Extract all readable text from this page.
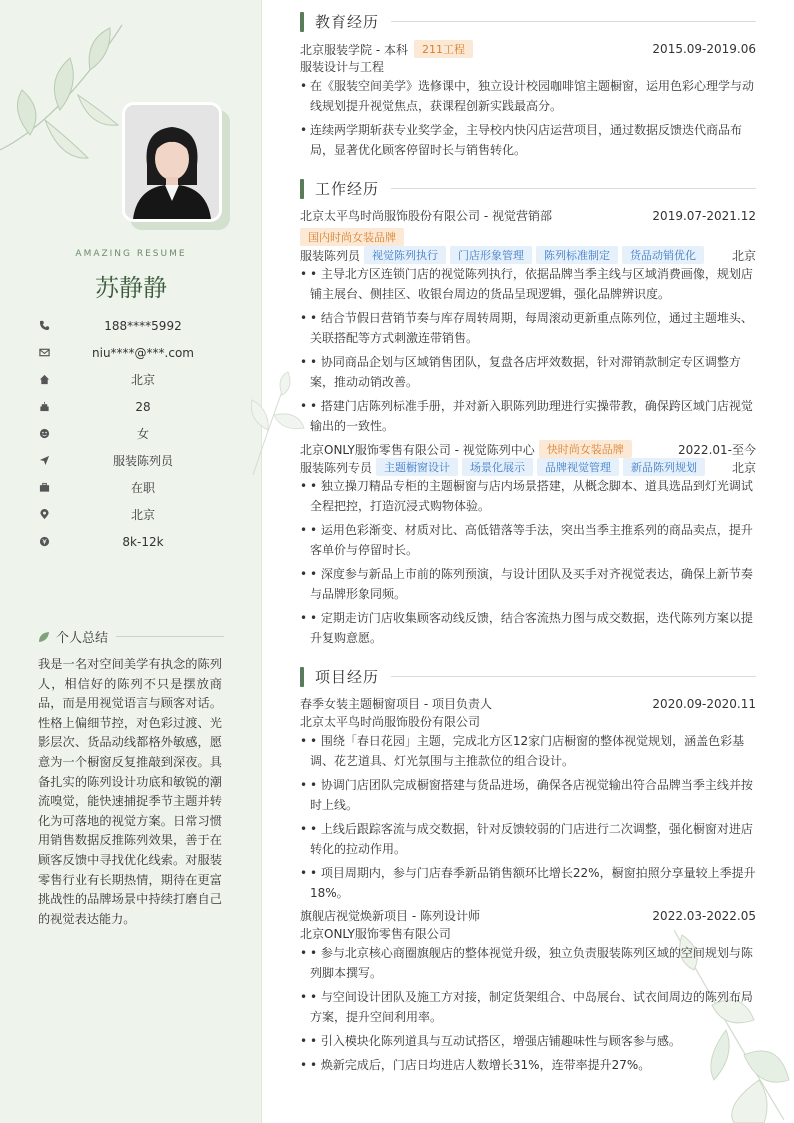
AMAZING RESUME
苏静静
188****5992
niu****@***.com
北京
28
女
服装陈列员
在职
北京
8k-12k
个人总结
我是一名对空间美学有执念的陈列人，相信好的陈列不只是摆放商品，而是用视觉语言与顾客对话。性格上偏细节控，对色彩过渡、光影层次、货品动线都格外敏感，愿意为一个橱窗反复推敲到深夜。具备扎实的陈列设计功底和敏锐的潮流嗅觉，能快速捕捉季节主题并转化为可落地的视觉方案。日常习惯用销售数据反推陈列效果，善于在顾客反馈中寻找优化线索。对服装零售行业有长期热情，期待在更富挑战性的品牌场景中持续打磨自己的视觉表达能力。
教育经历
北京服装学院 - 本科	211工程	2015.09-2019.06
服装设计与工程
• 在《服装空间美学》选修课中，独立设计校园咖啡馆主题橱窗，运用色彩心理学与动线规划提升视觉焦点，获课程创新实践最高分。
• 连续两学期斩获专业奖学金，主导校内快闪店运营项目，通过数据反馈迭代商品布局，显著优化顾客停留时长与销售转化。
工作经历
北京太平鸟时尚服饰股份有限公司 - 视觉营销部	2019.07-2021.12
国内时尚女装品牌
服装陈列员	视觉陈列执行	门店形象管理	陈列标准制定	货品动销优化	北京
• • 主导北方区连锁门店的视觉陈列执行，依据品牌当季主线与区域消费画像，规划店铺主展台、侧挂区、收银台周边的货品呈现逻辑，强化品牌辨识度。
• • 结合节假日营销节奏与库存周转周期，每周滚动更新重点陈列位，通过主题堆头、关联搭配等方式刺激连带销售。
• • 协同商品企划与区域销售团队，复盘各店坪效数据，针对滞销款制定专区调整方案，推动动销改善。
• • 搭建门店陈列标准手册，并对新入职陈列助理进行实操带教，确保跨区域门店视觉输出的一致性。
北京ONLY服饰零售有限公司 - 视觉陈列中心	快时尚女装品牌	2022.01-至今
服装陈列专员	主题橱窗设计	场景化展示	品牌视觉管理	新品陈列规划	北京
• • 独立操刀精品专柜的主题橱窗与店内场景搭建，从概念脚本、道具选品到灯光调试全程把控，打造沉浸式购物体验。
• • 运用色彩渐变、材质对比、高低错落等手法，突出当季主推系列的商品卖点，提升客单价与停留时长。
• • 深度参与新品上市前的陈列预演，与设计团队及买手对齐视觉表达，确保上新节奏与品牌形象同频。
• • 定期走访门店收集顾客动线反馈，结合客流热力图与成交数据，迭代陈列方案以提升复购意愿。
项目经历
春季女装主题橱窗项目 - 项目负责人	2020.09-2020.11
北京太平鸟时尚服饰股份有限公司
• • 围绕「春日花园」主题，完成北方区12家门店橱窗的整体视觉规划，涵盖色彩基调、花艺道具、灯光氛围与主推款位的组合设计。
• • 协调门店团队完成橱窗搭建与货品进场，确保各店视觉输出符合品牌当季主线并按时上线。
• • 上线后跟踪客流与成交数据，针对反馈较弱的门店进行二次调整，强化橱窗对进店转化的拉动作用。
• • 项目周期内，参与门店春季新品销售额环比增长22%，橱窗拍照分享量较上季提升18%。
旗舰店视觉焕新项目 - 陈列设计师	2022.03-2022.05
北京ONLY服饰零售有限公司
• • 参与北京核心商圈旗舰店的整体视觉升级，独立负责服装陈列区域的空间规划与陈列脚本撰写。
• • 与空间设计团队及施工方对接，制定货架组合、中岛展台、试衣间周边的陈列布局方案，提升空间利用率。
• • 引入模块化陈列道具与互动试搭区，增强店铺趣味性与顾客参与感。
• • 焕新完成后，门店日均进店人数增长31%，连带率提升27%。
